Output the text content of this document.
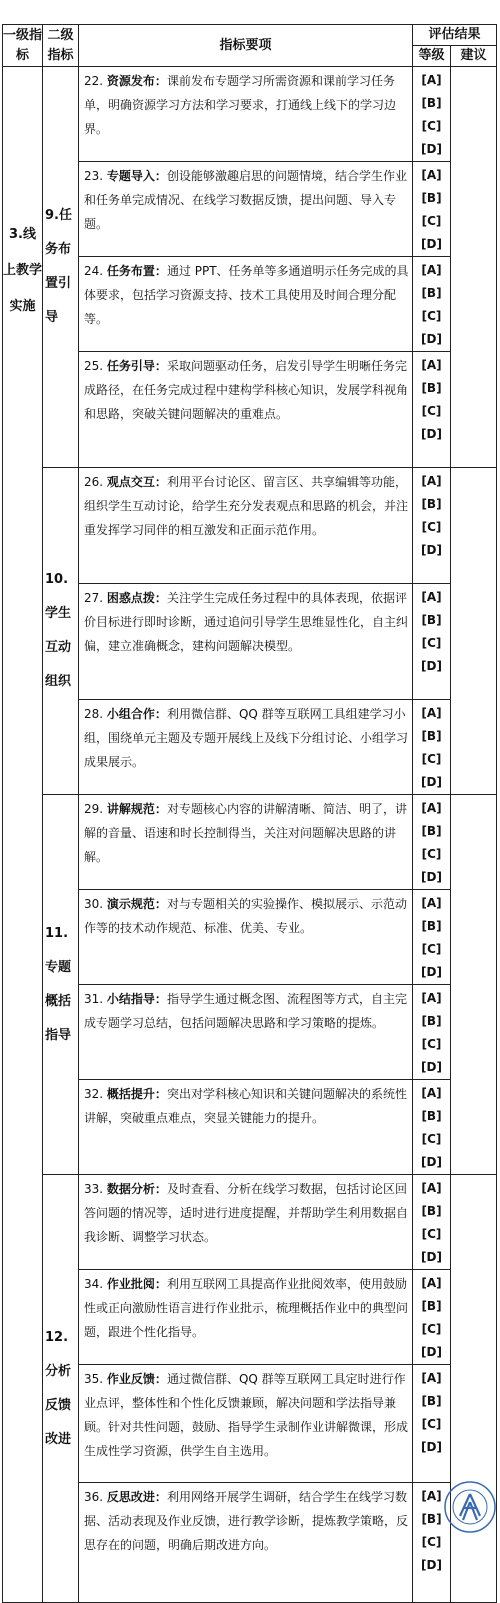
一级指标	二级指标	指标要项	评估结果	
			等级	建议
3.线上教学实施	9.任务布置引导	22. 资源发布：课前发布专题学习所需资源和课前学习任务单，明确资源学习方法和学习要求，打通线上线下的学习边界。	[A]
[B]
[C]
[D]	

		23. 专题导入：创设能够激趣启思的问题情境，结合学生作业和任务单完成情况、在线学习数据反馈，提出问题、导入专题。	[A]
[B]
[C]
[D]	

		24. 任务布置：通过 PPT、任务单等多通道明示任务完成的具体要求，包括学习资源支持、技术工具使用及时间合理分配等。	[A]
[B]
[C]
[D]	

		25. 任务引导：采取问题驱动任务，启发引导学生明晰任务完成路径，在任务完成过程中建构学科核心知识，发展学科视角和思路，突破关键问题解决的重难点。	[A]
[B]
[C]
[D]	

	10.学生互动组织	26. 观点交互：利用平台讨论区、留言区、共享编辑等功能，组织学生互动讨论，给学生充分发表观点和思路的机会，并注重发挥学习同伴的相互激发和正面示范作用。	[A]
[B]
[C]
[D]	

		27. 困惑点拨：关注学生完成任务过程中的具体表现，依据评价目标进行即时诊断，通过追问引导学生思维显性化，自主纠偏，建立准确概念，建构问题解决模型。	[A]
[B]
[C]
[D]	

		28. 小组合作：利用微信群、QQ 群等互联网工具组建学习小组，围绕单元主题及专题开展线上及线下分组讨论、小组学习成果展示。	[A]
[B]
[C]
[D]	

	11.专题概括指导	29. 讲解规范：对专题核心内容的讲解清晰、简洁、明了，讲解的音量、语速和时长控制得当，关注对问题解决思路的讲解。	[A]
[B]
[C]
[D]	

		30. 演示规范：对与专题相关的实验操作、模拟展示、示范动作等的技术动作规范、标准、优美、专业。	[A]
[B]
[C]
[D]	

		31. 小结指导：指导学生通过概念图、流程图等方式，自主完成专题学习总结，包括问题解决思路和学习策略的提炼。	[A]
[B]
[C]
[D]	

		32. 概括提升：突出对学科核心知识和关键问题解决的系统性讲解，突破重点难点，突显关键能力的提升。	[A]
[B]
[C]
[D]	

	12.分析反馈改进	33. 数据分析：及时查看、分析在线学习数据，包括讨论区回答问题的情况等，适时进行进度提醒，并帮助学生利用数据自我诊断、调整学习状态。	[A]
[B]
[C]
[D]	

		34. 作业批阅：利用互联网工具提高作业批阅效率，使用鼓励性或正向激励性语言进行作业批示，梳理概括作业中的典型问题，跟进个性化指导。	[A]
[B]
[C]
[D]	

		35. 作业反馈：通过微信群、QQ 群等互联网工具定时进行作业点评，整体性和个性化反馈兼顾，解决问题和学法指导兼顾。针对共性问题，鼓励、指导学生录制作业讲解微课，形成生成性学习资源，供学生自主选用。	[A]
[B]
[C]
[D]	

		36. 反思改进：利用网络开展学生调研，结合学生在线学习数据、活动表现及作业反馈，进行教学诊断，提炼教学策略，反思存在的问题，明确后期改进方向。	[A]
[B]
[C]
[D]	
